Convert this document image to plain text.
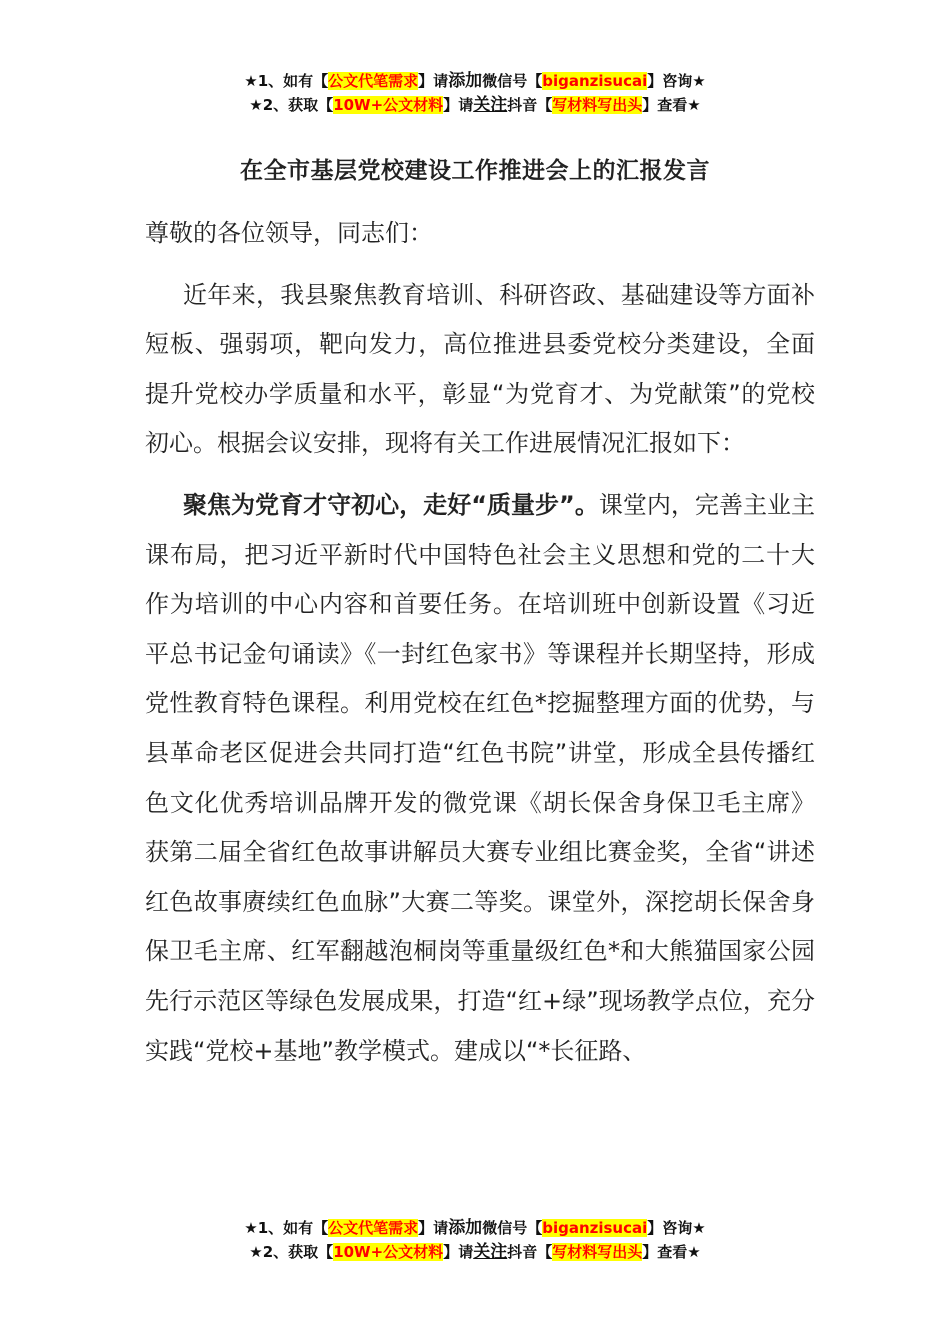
★1、如有【公文代笔需求】请添加微信号【biganzisucai】咨询★
★2、获取【10W+公文材料】请关注抖音【写材料写出头】查看★
在全市基层党校建设工作推进会上的汇报发言

尊敬的各位领导，同志们：

近年来，我县聚焦教育培训、科研咨政、基础建设等方面补短板、强弱项，靶向发力，高位推进县委党校分类建设，全面提升党校办学质量和水平，彰显“为党育才、为党献策”的党校初心。根据会议安排，现将有关工作进展情况汇报如下：

聚焦为党育才守初心，走好“质量步”。课堂内，完善主业主课布局，把习近平新时代中国特色社会主义思想和党的二十大作为培训的中心内容和首要任务。在培训班中创新设置《习近平总书记金句诵读》《一封红色家书》等课程并长期坚持，形成党性教育特色课程。利用党校在红色*挖掘整理方面的优势，与县革命老区促进会共同打造“红色书院”讲堂，形成全县传播红色文化优秀培训品牌开发的微党课《胡长保舍身保卫毛主席》获第二届全省红色故事讲解员大赛专业组比赛金奖，全省“讲述红色故事赓续红色血脉”大赛二等奖。课堂外，深挖胡长保舍身保卫毛主席、红军翻越泡桐岗等重量级红色*和大熊猫国家公园先行示范区等绿色发展成果，打造“红+绿”现场教学点位，充分实践“党校+基地”教学模式。建成以“*长征路、

★1、如有【公文代笔需求】请添加微信号【biganzisucai】咨询★
★2、获取【10W+公文材料】请关注抖音【写材料写出头】查看★
